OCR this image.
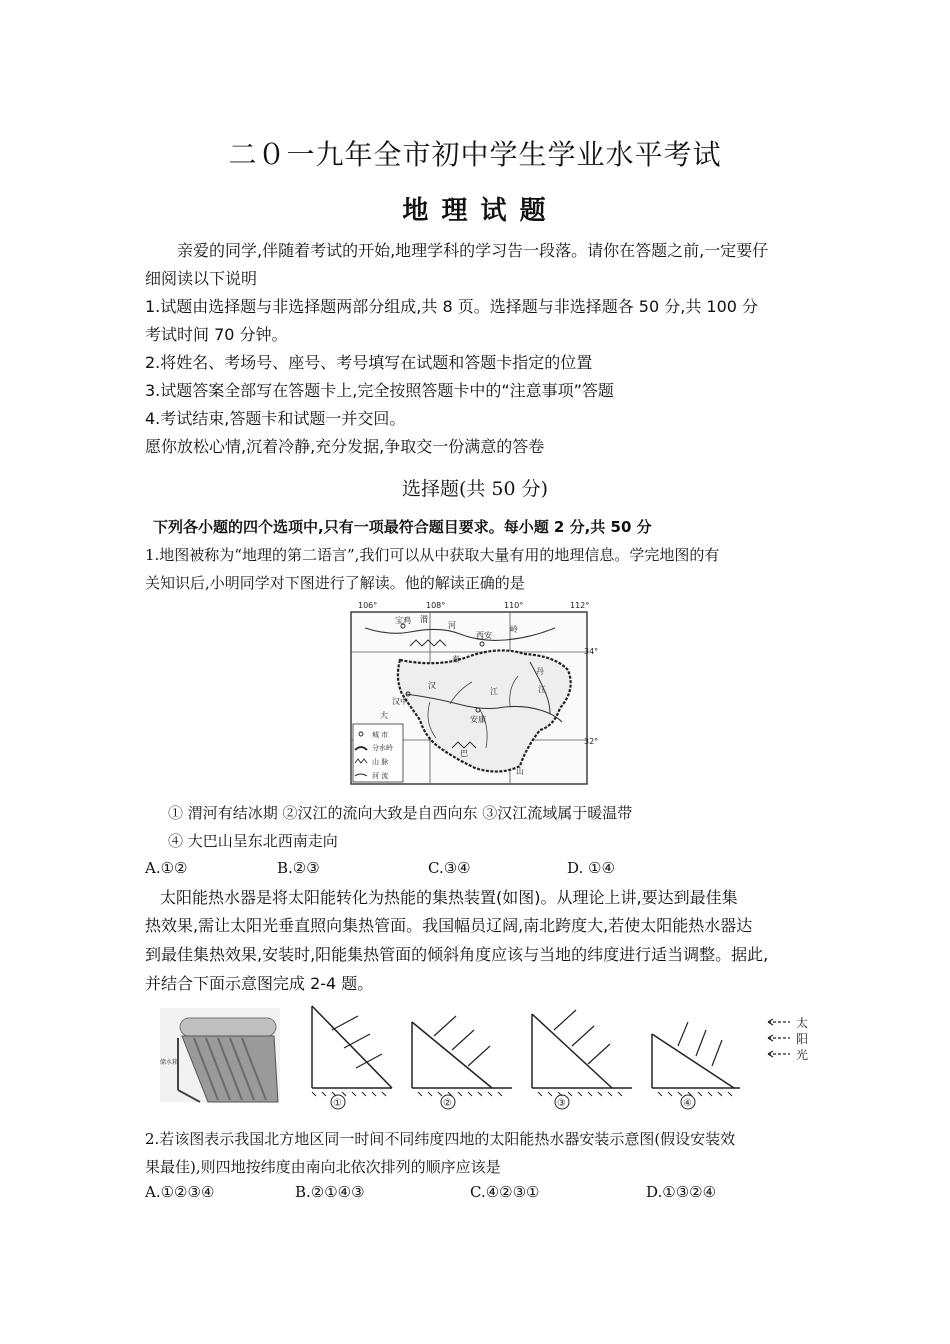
二０一九年全市初中学生学业水平考试
地 理 试 题
亲爱的同学,伴随着考试的开始,地理学科的学习告一段落。请你在答题之前,一定要仔
细阅读以下说明
1.试题由选择题与非选择题两部分组成,共 8 页。选择题与非选择题各 50 分,共 100 分
考试时间 70 分钟。
2.将姓名、考场号、座号、考号填写在试题和答题卡指定的位置
3.试题答案全部写在答题卡上,完全按照答题卡中的“注意事项”答题
4.考试结束,答题卡和试题一并交回。
愿你放松心情,沉着冷静,充分发据,争取交一份满意的答卷
选择题(共 50 分)
下列各小题的四个选项中,只有一项最符合题目要求。每小题 2 分,共 50 分
1.地图被称为“地理的第二语言”,我们可以从中获取大量有用的地理信息。学完地图的有
关知识后,小明同学对下图进行了解读。他的解读正确的是
106°	108°	110°	112°
34°
32°
宝鸡 渭
河
秦
西安
岭
汉
汉中
江
丹
江
安康
大
巴
山
城 市
分水岭
山 脉
河 流
① 渭河有结冰期 ②汉江的流向大致是自西向东 ③汉江流域属于暖温带
④ 大巴山呈东北西南走向
A.①②	B.②③	C.③④	D. ①④
太阳能热水器是将太阳能转化为热能的集热装置(如图)。从理论上讲,要达到最佳集
热效果,需让太阳光垂直照向集热管面。我国幅员辽阔,南北跨度大,若使太阳能热水器达
到最佳集热效果,安装时,阳能集热管面的倾斜角度应该与当地的纬度进行适当调整。据此,
并结合下面示意图完成 2-4 题。
储水箱
①	②	③	④
太
阳
光
2.若该图表示我国北方地区同一时间不同纬度四地的太阳能热水器安装示意图(假设安装效
果最佳),则四地按纬度由南向北依次排列的顺序应该是
A.①②③④	B.②①④③	C.④②③①	D.①③②④
